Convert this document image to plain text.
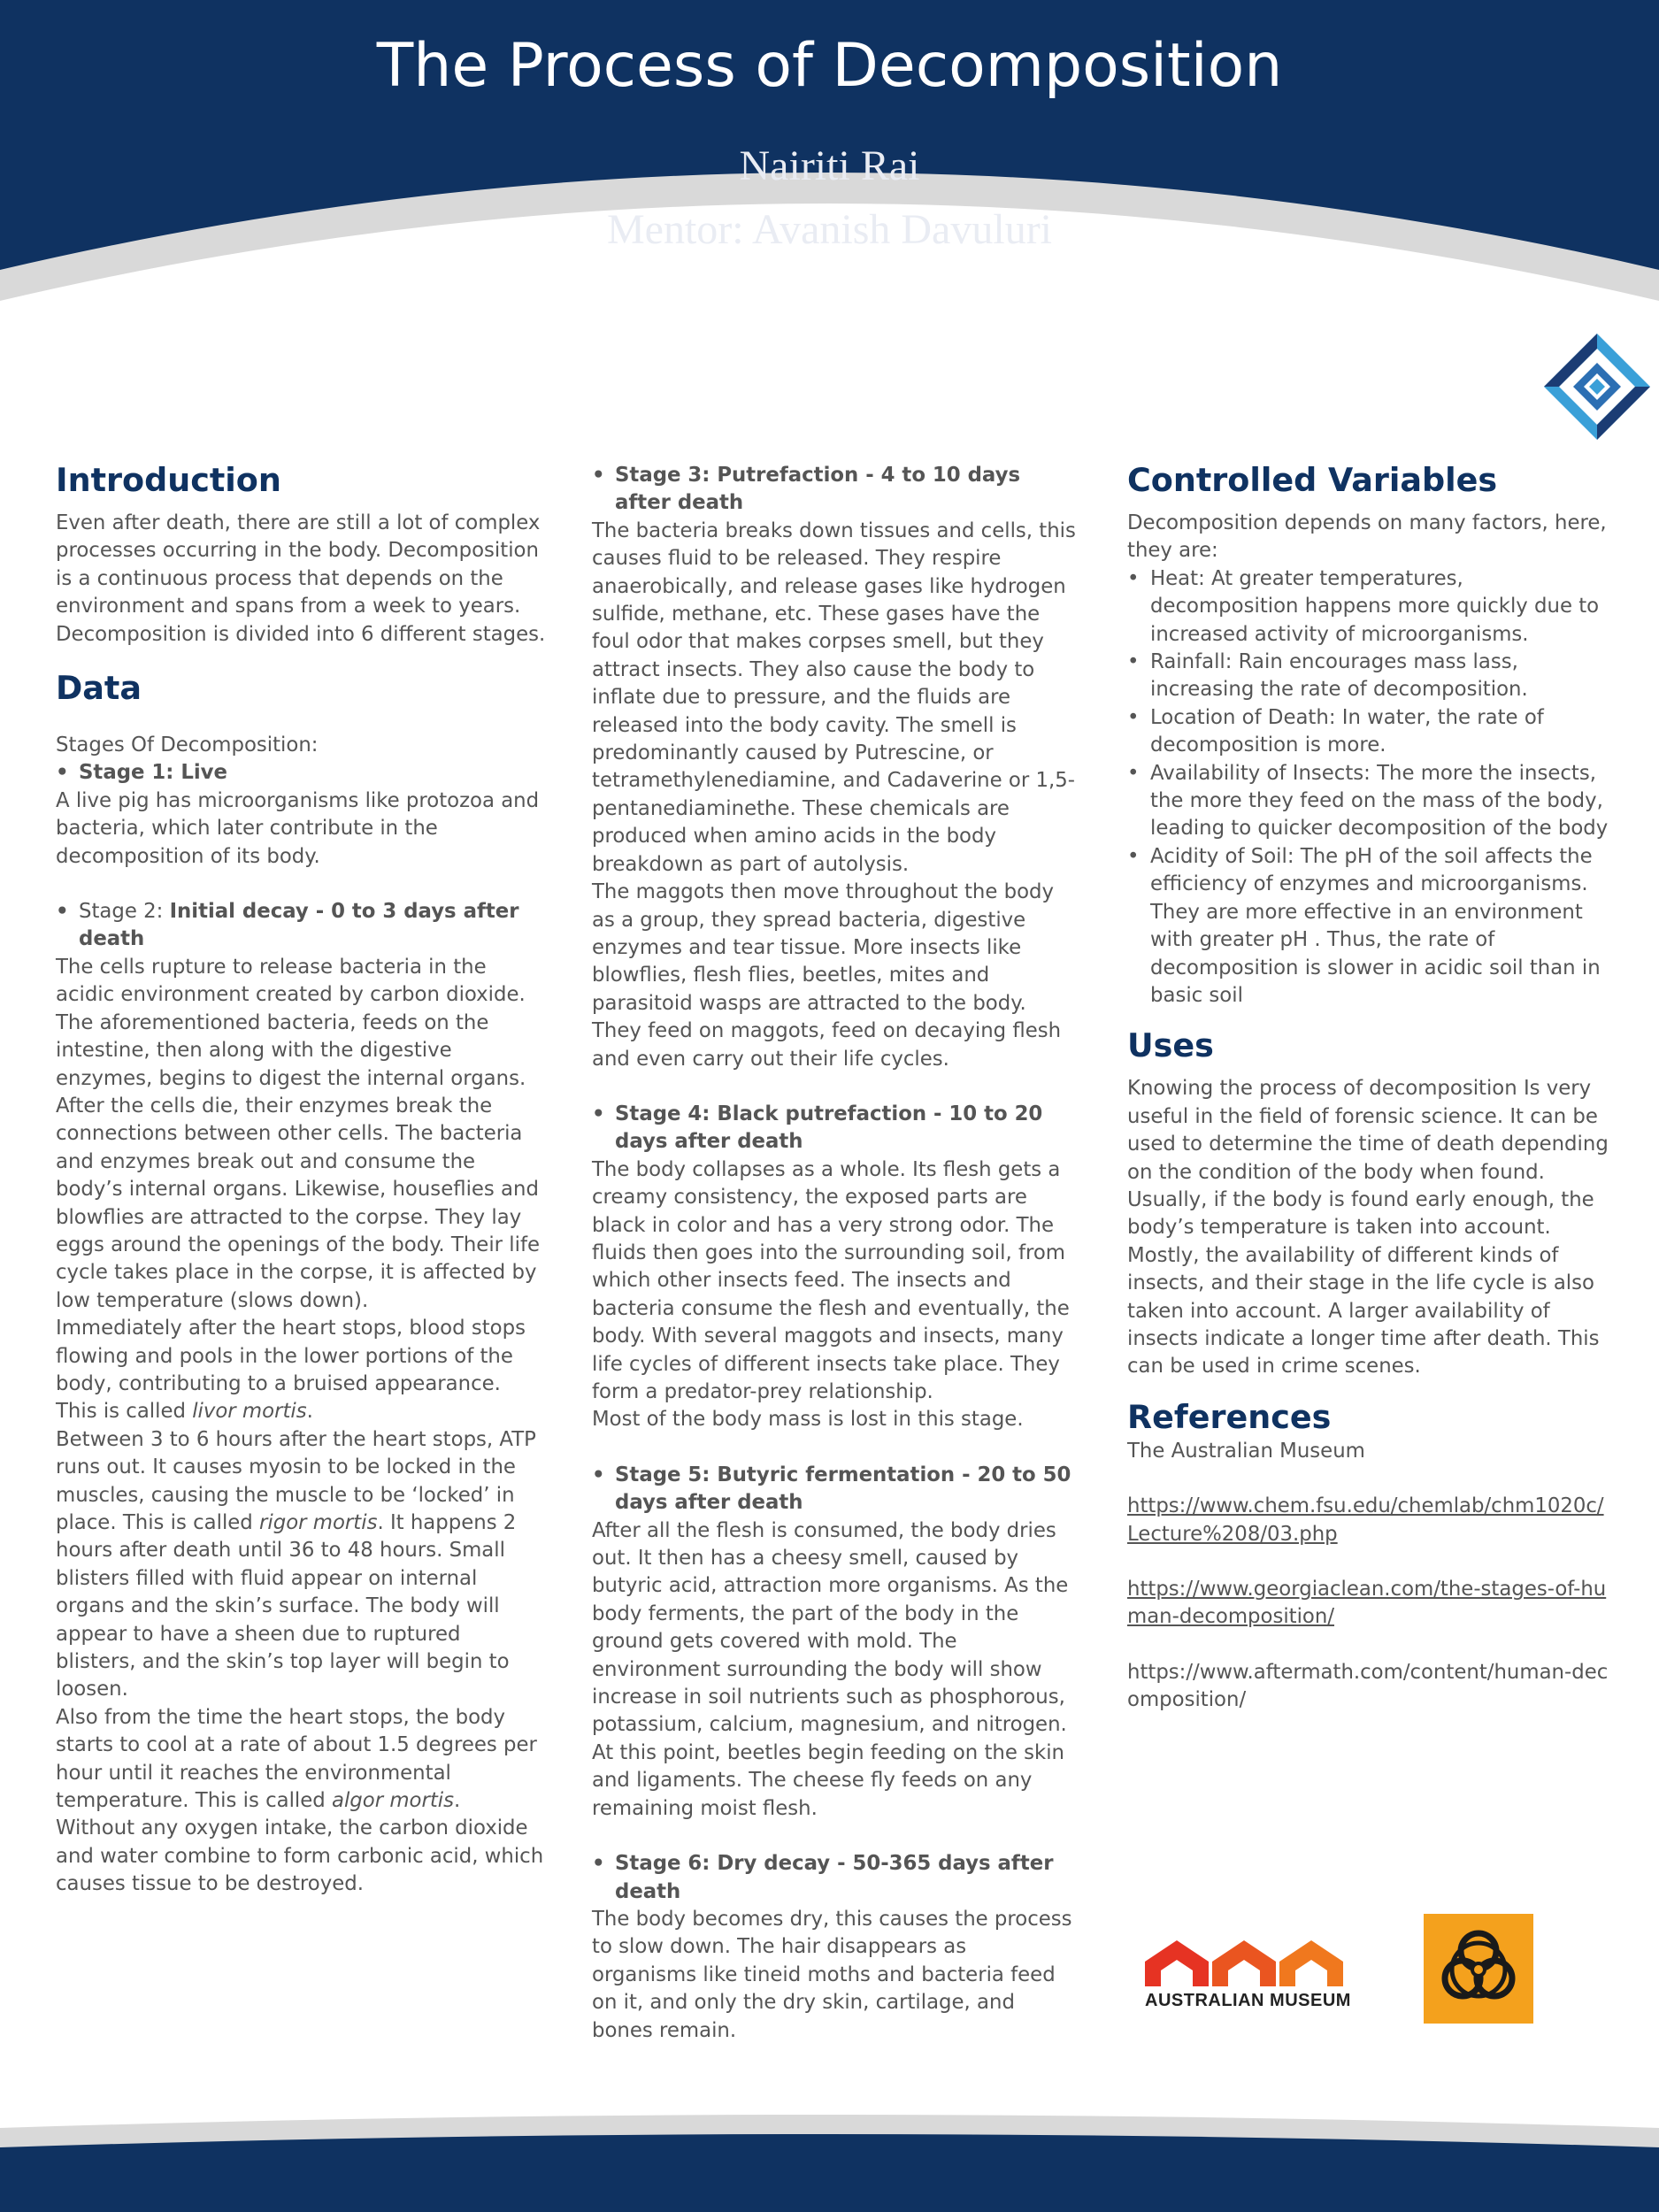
The Process of Decomposition
Nairiti Rai
Mentor: Avanish Davuluri
Introduction

Even after death, there are still a lot of complex processes occurring in the body. Decomposition is a continuous process that depends on the environment and spans from a week to years. Decomposition is divided into 6 different stages.

Data

Stages Of Decomposition:

• Stage 1: Live

A live pig has microorganisms like protozoa and bacteria, which later contribute in the decomposition of its body.

• Stage 2: Initial decay - 0 to 3 days after death

The cells rupture to release bacteria in the acidic environment created by carbon dioxide. The aforementioned bacteria, feeds on the intestine, then along with the digestive enzymes, begins to digest the internal organs. After the cells die, their enzymes break the connections between other cells. The bacteria and enzymes break out and consume the body’s internal organs. Likewise, houseflies and blowflies are attracted to the corpse. They lay eggs around the openings of the body. Their life cycle takes place in the corpse, it is affected by low temperature (slows down).

Immediately after the heart stops, blood stops flowing and pools in the lower portions of the body, contributing to a bruised appearance. This is called livor mortis.

Between 3 to 6 hours after the heart stops, ATP runs out. It causes myosin to be locked in the muscles, causing the muscle to be ‘locked’ in place. This is called rigor mortis. It happens 2 hours after death until 36 to 48 hours. Small blisters filled with fluid appear on internal organs and the skin’s surface. The body will appear to have a sheen due to ruptured blisters, and the skin’s top layer will begin to loosen.

Also from the time the heart stops, the body starts to cool at a rate of about 1.5 degrees per hour until it reaches the environmental temperature. This is called algor mortis.

Without any oxygen intake, the carbon dioxide and water combine to form carbonic acid, which causes tissue to be destroyed.

• Stage 3: Putrefaction - 4 to 10 days after death

The bacteria breaks down tissues and cells, this causes fluid to be released. They respire anaerobically, and release gases like hydrogen sulfide, methane, etc. These gases have the foul odor that makes corpses smell, but they attract insects. They also cause the body to inflate due to pressure, and the fluids are released into the body cavity. The smell is predominantly caused by Putrescine, or tetramethylenediamine, and Cadaverine or 1,5-pentanediaminethe. These chemicals are produced when amino acids in the body breakdown as part of autolysis.

The maggots then move throughout the body as a group, they spread bacteria, digestive enzymes and tear tissue. More insects like blowflies, flesh flies, beetles, mites and parasitoid wasps are attracted to the body. They feed on maggots, feed on decaying flesh and even carry out their life cycles.

• Stage 4: Black putrefaction - 10 to 20 days after death

The body collapses as a whole. Its flesh gets a creamy consistency, the exposed parts are black in color and has a very strong odor. The fluids then goes into the surrounding soil, from which other insects feed. The insects and bacteria consume the flesh and eventually, the body. With several maggots and insects, many life cycles of different insects take place. They form a predator-prey relationship.

Most of the body mass is lost in this stage.

• Stage 5: Butyric fermentation - 20 to 50 days after death

After all the flesh is consumed, the body dries out. It then has a cheesy smell, caused by butyric acid, attraction more organisms. As the body ferments, the part of the body in the ground gets covered with mold. The environment surrounding the body will show increase in soil nutrients such as phosphorous, potassium, calcium, magnesium, and nitrogen.

At this point, beetles begin feeding on the skin and ligaments. The cheese fly feeds on any remaining moist flesh.

• Stage 6: Dry decay - 50-365 days after death

The body becomes dry, this causes the process to slow down. The hair disappears as organisms like tineid moths and bacteria feed on it, and only the dry skin, cartilage, and bones remain.

Controlled Variables

Decomposition depends on many factors, here, they are:

• Heat: At greater temperatures, decomposition happens more quickly due to increased activity of microorganisms.
• Rainfall: Rain encourages mass lass, increasing the rate of decomposition.
• Location of Death: In water, the rate of decomposition is more.
• Availability of Insects: The more the insects, the more they feed on the mass of the body, leading to quicker decomposition of the body
• Acidity of Soil: The pH of the soil affects the efficiency of enzymes and microorganisms. They are more effective in an environment with greater pH . Thus, the rate of decomposition is slower in acidic soil than in basic soil
Uses

Knowing the process of decomposition Is very useful in the field of forensic science. It can be used to determine the time of death depending on the condition of the body when found. Usually, if the body is found early enough, the body’s temperature is taken into account. Mostly, the availability of different kinds of insects, and their stage in the life cycle is also taken into account. A larger availability of insects indicate a longer time after death. This can be used in crime scenes.

References

The Australian Museum

https://www.chem.fsu.edu/chemlab/chm1020c/Lecture%208/03.php

https://www.georgiaclean.com/the-stages-of-human-decomposition/

https://www.aftermath.com/content/human-decomposition/

AUSTRALIAN MUSEUM
